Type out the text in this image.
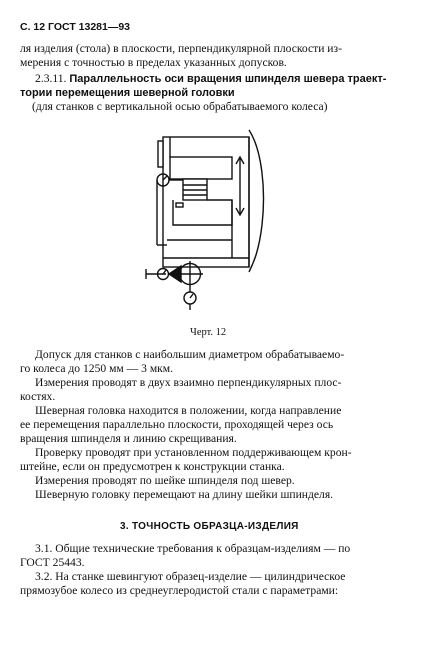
С. 12 ГОСТ 13281—93
ля изделия (стола) в плоскости, перпендикулярной плоскости из-
мерения с точностью в пределах указанных допусков.
2.3.11. Параллельность оси вращения шпинделя шевера траект-
тории перемещения шеверной головки
(для станков с вертикальной осью обрабатываемого колеса)
Черт. 12
Допуск для станков с наибольшим диаметром обрабатываемо-
го колеса до 1250 мм — 3 мкм.
Измерения проводят в двух взаимно перпендикулярных плос-
костях.
Шеверная головка находится в положении, когда направление
ее перемещения параллельно плоскости, проходящей через ось
вращения шпинделя и линию скрещивания.
Проверку проводят при установленном поддерживающем крон-
штейне, если он предусмотрен к конструкции станка.
Измерения проводят по шейке шпинделя под шевер.
Шеверную головку перемещают на длину шейки шпинделя.
3. ТОЧНОСТЬ ОБРАЗЦА-ИЗДЕЛИЯ
3.1. Общие технические требования к образцам-изделиям — по
ГОСТ 25443.
3.2. На станке шевингуют образец-изделие — цилиндрическое
прямозубое колесо из среднеуглеродистой стали с параметрами:
